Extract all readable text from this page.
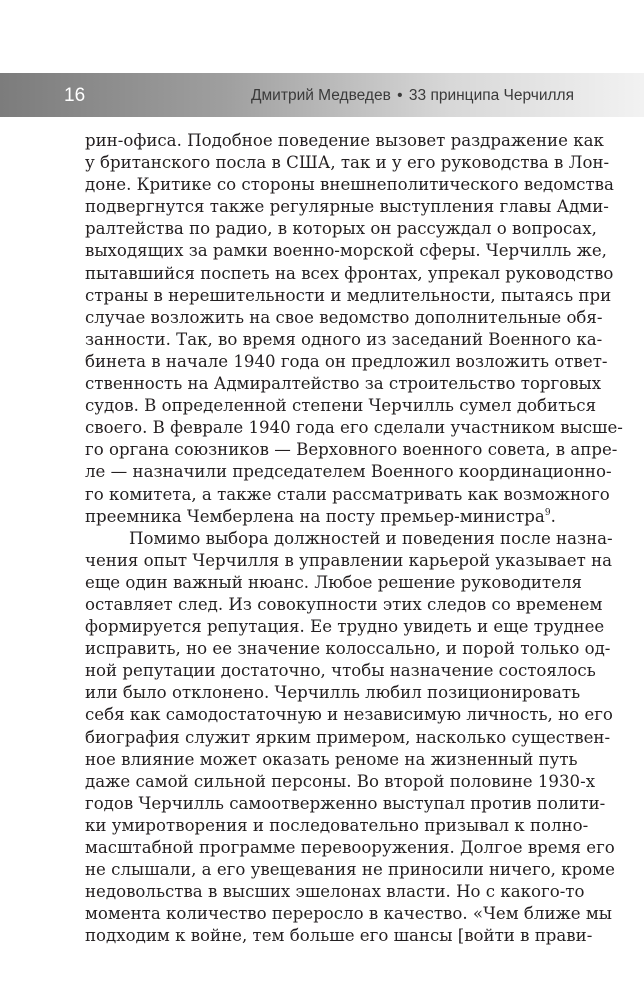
16	Дмитрий Медведев • 33 принципа Черчилля
рин-офиса. Подобное поведение вызовет раздражение как
у британского посла в США, так и у его руководства в Лон-
доне. Критике со стороны внешнеполитического ведомства
подвергнутся также регулярные выступления главы Адми-
ралтейства по радио, в которых он рассуждал о вопросах,
выходящих за рамки военно-морской сферы. Черчилль же,
пытавшийся поспеть на всех фронтах, упрекал руководство
страны в нерешительности и медлительности, пытаясь при
случае возложить на свое ведомство дополнительные обя-
занности. Так, во время одного из заседаний Военного ка-
бинета в начале 1940 года он предложил возложить ответ-
ственность на Адмиралтейство за строительство торговых
судов. В определенной степени Черчилль сумел добиться
своего. В феврале 1940 года его сделали участником высше-
го органа союзников — Верховного военного совета, в апре-
ле — назначили председателем Военного координационно-
го комитета, а также стали рассматривать как возможного
преемника Чемберлена на посту премьер-министра$^9$.
Помимо выбора должностей и поведения после назна-
чения опыт Черчилля в управлении карьерой указывает на
еще один важный нюанс. Любое решение руководителя
оставляет след. Из совокупности этих следов со временем
формируется репутация. Ее трудно увидеть и еще труднее
исправить, но ее значение колоссально, и порой только од-
ной репутации достаточно, чтобы назначение состоялось
или было отклонено. Черчилль любил позиционировать
себя как самодостаточную и независимую личность, но его
биография служит ярким примером, насколько существен-
ное влияние может оказать реноме на жизненный путь
даже самой сильной персоны. Во второй половине 1930-х
годов Черчилль самоотверженно выступал против полити-
ки умиротворения и последовательно призывал к полно-
масштабной программе перевооружения. Долгое время его
не слышали, а его увещевания не приносили ничего, кроме
недовольства в высших эшелонах власти. Но с какого-то
момента количество переросло в качество. «Чем ближе мы
подходим к войне, тем больше его шансы [войти в прави-
